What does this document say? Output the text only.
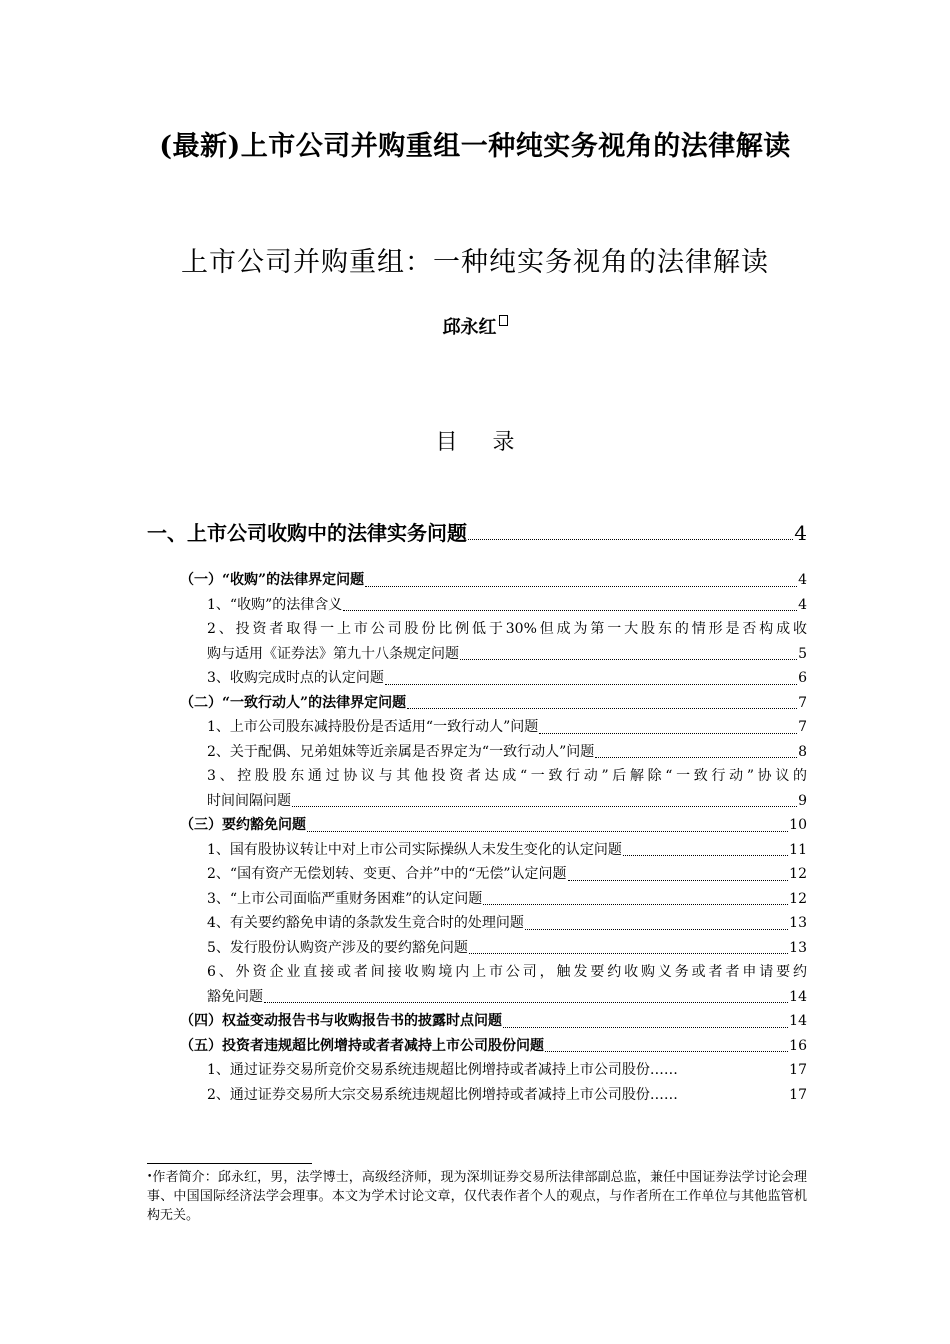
(最新)上市公司并购重组一种纯实务视角的法律解读
上市公司并购重组：一种纯实务视角的法律解读
邱永红
目 录
一、上市公司收购中的法律实务问题	4
（一）“收购”的法律界定问题	4
1、“收购”的法律含义	4
2、投资者取得一上市公司股份比例低于30%但成为第一大股东的情形是否构成收
购与适用《证券法》第九十八条规定问题	5
3、收购完成时点的认定问题	6
（二）“一致行动人”的法律界定问题	7
1、上市公司股东减持股份是否适用“一致行动人”问题	7
2、关于配偶、兄弟姐妹等近亲属是否界定为“一致行动人”问题	8
3、控股股东通过协议与其他投资者达成“一致行动”后解除“一致行动”协议的
时间间隔问题	9
（三）要约豁免问题	10
1、国有股协议转让中对上市公司实际操纵人未发生变化的认定问题	11
2、“国有资产无偿划转、变更、合并”中的“无偿”认定问题	12
3、“上市公司面临严重财务困难”的认定问题	12
4、有关要约豁免申请的条款发生竞合时的处理问题	13
5、发行股份认购资产涉及的要约豁免问题	13
6、外资企业直接或者间接收购境内上市公司，触发要约收购义务或者者申请要约
豁免问题	14
（四）权益变动报告书与收购报告书的披露时点问题	14
（五）投资者违规超比例增持或者者减持上市公司股份问题	16
1、通过证券交易所竞价交易系统违规超比例增持或者减持上市公司股份……	17
2、通过证券交易所大宗交易系统违规超比例增持或者减持上市公司股份……	17
•作者简介：邱永红，男，法学博士，高级经济师，现为深圳证券交易所法律部副总监，兼任中国证券法学讨论会理事、中国国际经济法学会理事。本文为学术讨论文章，仅代表作者个人的观点，与作者所在工作单位与其他监管机构无关。
